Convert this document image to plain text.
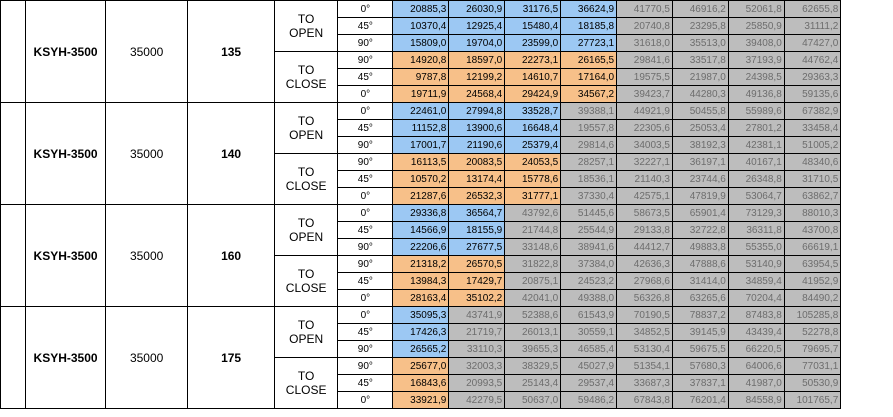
	KSYH-3500	35000	135	TO
OPEN	0°	20885,3	26030,9	31176,5	36624,9	41770,5	46916,2	52061,8	62655,8
					45°	10370,4	12925,4	15480,4	18185,8	20740,8	23295,8	25850,9	31111,2
					90°	15809,0	19704,0	23599,0	27723,1	31618,0	35513,0	39408,0	47427,0
				TO
CLOSE	90°	14920,8	18597,0	22273,1	26165,5	29841,6	33517,8	37193,9	44762,4
					45°	9787,8	12199,2	14610,7	17164,0	19575,5	21987,0	24398,5	29363,3
					0°	19711,9	24568,4	29424,9	34567,2	39423,7	44280,3	49136,8	59135,6
	KSYH-3500	35000	140	TO
OPEN	0°	22461,0	27994,8	33528,7	39388,1	44921,9	50455,8	55989,6	67382,9
					45°	11152,8	13900,6	16648,4	19557,8	22305,6	25053,4	27801,2	33458,4
					90°	17001,7	21190,6	25379,4	29814,6	34003,5	38192,3	42381,1	51005,2
				TO
CLOSE	90°	16113,5	20083,5	24053,5	28257,1	32227,1	36197,1	40167,1	48340,6
					45°	10570,2	13174,4	15778,6	18536,1	21140,3	23744,6	26348,8	31710,5
					0°	21287,6	26532,3	31777,1	37330,4	42575,1	47819,9	53064,7	63862,7
	KSYH-3500	35000	160	TO
OPEN	0°	29336,8	36564,7	43792,6	51445,6	58673,5	65901,4	73129,3	88010,3
					45°	14566,9	18155,9	21744,8	25544,9	29133,8	32722,8	36311,8	43700,8
					90°	22206,6	27677,5	33148,6	38941,6	44412,7	49883,8	55355,0	66619,1
				TO
CLOSE	90°	21318,2	26570,5	31822,8	37384,0	42636,3	47888,6	53140,9	63954,5
					45°	13984,3	17429,7	20875,1	24523,2	27968,6	31414,0	34859,4	41952,9
					0°	28163,4	35102,2	42041,0	49388,0	56326,8	63265,6	70204,4	84490,2
	KSYH-3500	35000	175	TO
OPEN	0°	35095,3	43741,9	52388,6	61543,9	70190,5	78837,2	87483,8	105285,8
					45°	17426,3	21719,7	26013,1	30559,1	34852,5	39145,9	43439,4	52278,8
					90°	26565,2	33110,3	39655,3	46585,4	53130,4	59675,5	66220,5	79695,7
				TO
CLOSE	90°	25677,0	32003,3	38329,5	45027,9	51354,1	57680,3	64006,6	77031,1
					45°	16843,6	20993,5	25143,4	29537,4	33687,3	37837,1	41987,0	50530,9
					0°	33921,9	42279,5	50637,0	59486,2	67843,8	76201,4	84558,9	101765,7
